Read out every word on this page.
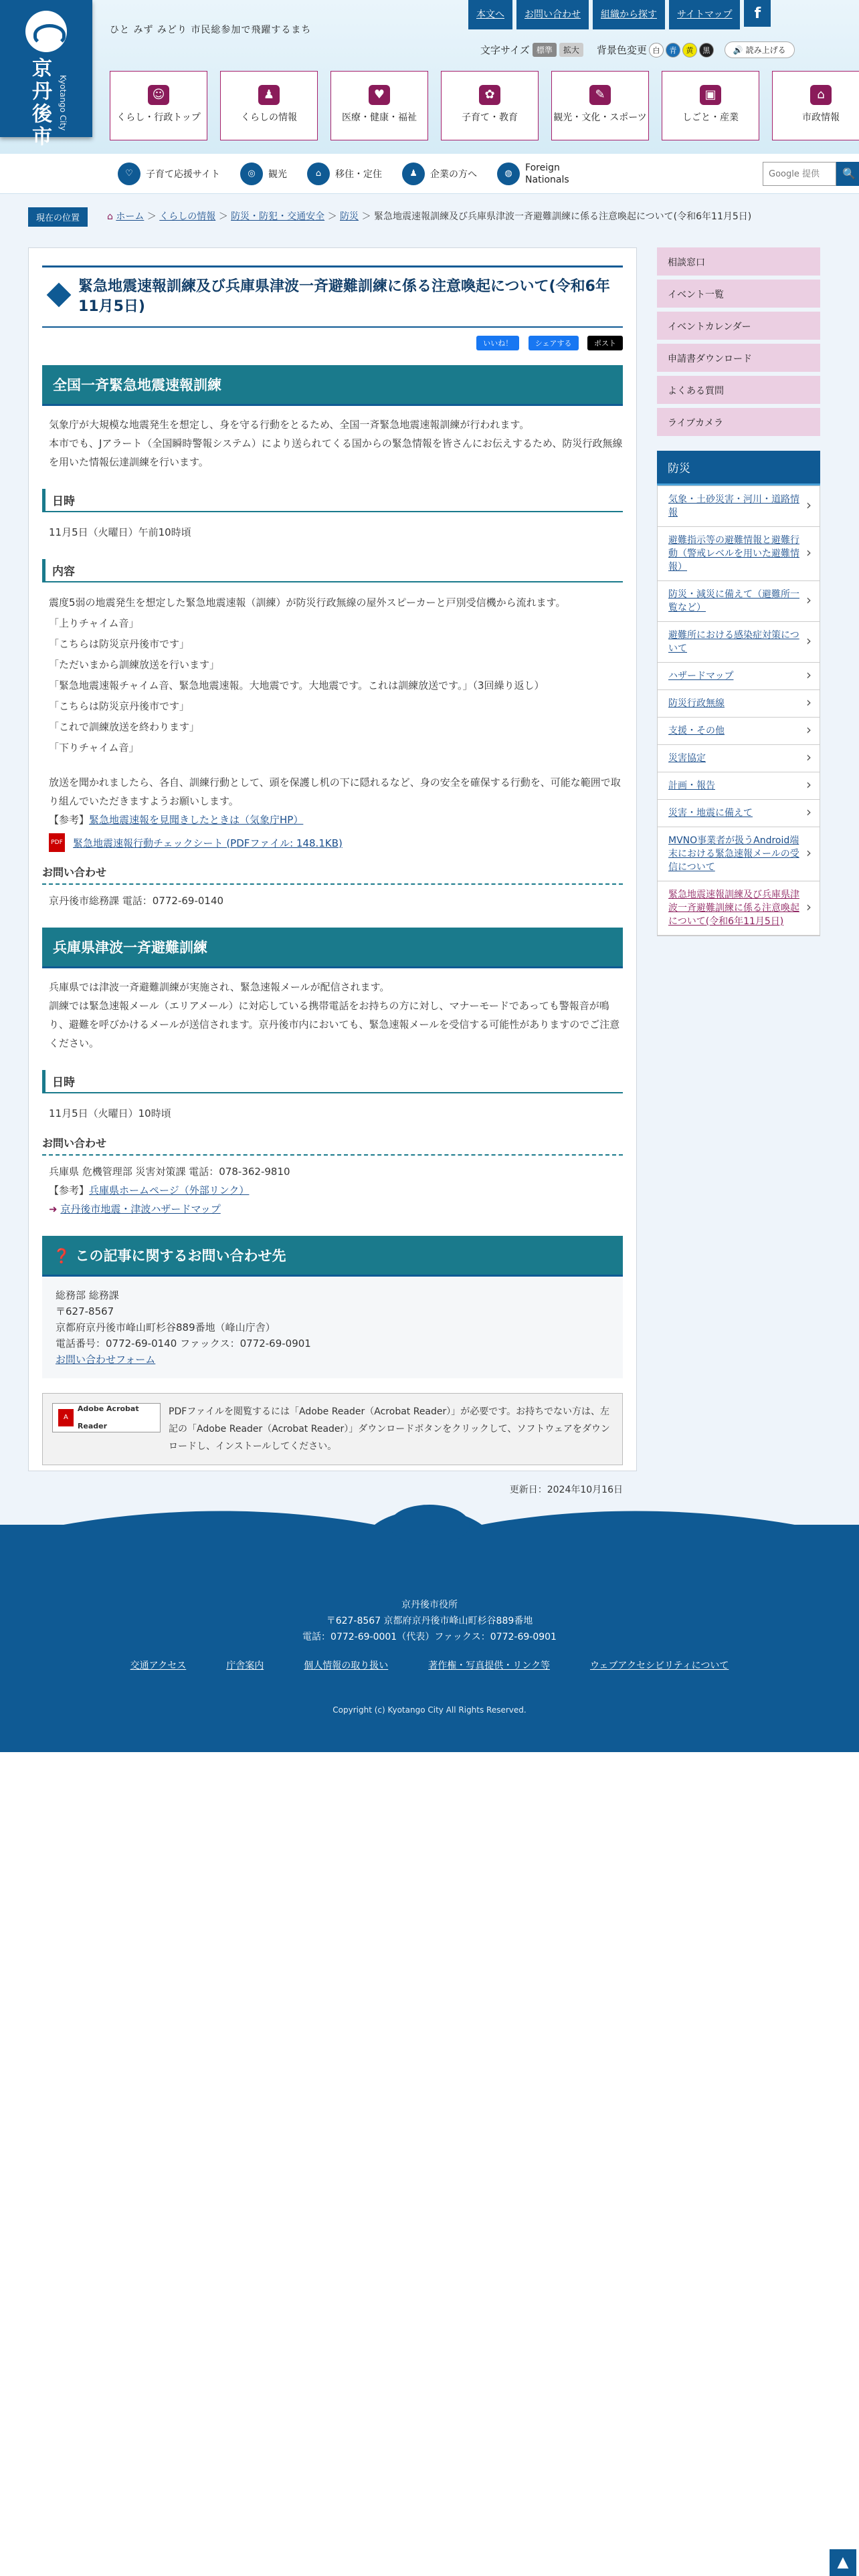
京丹後市 Kyotango City
ひと みず みどり 市民総参加で飛躍するまち
本文へ	お問い合わせ	組織から探す	サイトマップ	f
文字サイズ 標準	拡大	背景色変更 白	青	黄	黒	🔊 読み上げる
☺
くらし・行政トップ
♟
くらしの情報
♥
医療・健康・福祉
✿
子育て・教育
✎
観光・文化・スポーツ
▣
しごと・産業
⌂
市政情報
♡	子育て応援サイト	◎	観光	⌂	移住・定住	♟	企業の方へ	◍
Foreign Nationals
Google 提供	🔍
現在の位置	⌂ ホーム ＞ くらしの情報 ＞ 防災・防犯・交通安全 ＞ 防災 ＞ 緊急地震速報訓練及び兵庫県津波一斉避難訓練に係る注意喚起について(令和6年11月5日)
緊急地震速報訓練及び兵庫県津波一斉避難訓練に係る注意喚起について(令和6年11月5日)
いいね！	シェアする	ポスト
全国一斉緊急地震速報訓練

気象庁が大規模な地震発生を想定し、身を守る行動をとるため、全国一斉緊急地震速報訓練が行われます。

本市でも、Jアラート（全国瞬時警報システム）により送られてくる国からの緊急情報を皆さんにお伝えするため、防災行政無線を用いた情報伝達訓練を行います。

日時

11月5日（火曜日）午前10時頃

内容

震度5弱の地震発生を想定した緊急地震速報（訓練）が防災行政無線の屋外スピーカーと戸別受信機から流れます。

「上りチャイム音」

「こちらは防災京丹後市です」

「ただいまから訓練放送を行います」

「緊急地震速報チャイム音、緊急地震速報。大地震です。大地震です。これは訓練放送です。」（3回繰り返し）

「こちらは防災京丹後市です」

「これで訓練放送を終わります」

「下りチャイム音」

放送を聞かれましたら、各自、訓練行動として、頭を保護し机の下に隠れるなど、身の安全を確保する行動を、可能な範囲で取り組んでいただきますようお願いします。

【参考】緊急地震速報を見聞きしたときは（気象庁HP）

PDF 緊急地震速報行動チェックシート (PDFファイル: 148.1KB)
お問い合わせ

京丹後市総務課 電話：0772-69-0140

兵庫県津波一斉避難訓練

兵庫県では津波一斉避難訓練が実施され、緊急速報メールが配信されます。

訓練では緊急速報メール（エリアメール）に対応している携帯電話をお持ちの方に対し、マナーモードであっても警報音が鳴り、避難を呼びかけるメールが送信されます。京丹後市内においても、緊急速報メールを受信する可能性がありますのでご注意ください。

日時

11月5日（火曜日）10時頃

お問い合わせ

兵庫県 危機管理部 災害対策課 電話：078-362-9810

【参考】兵庫県ホームページ（外部リンク）

➜ 京丹後市地震・津波ハザードマップ

❓ この記事に関するお問い合わせ先
総務部 総務課
〒627-8567
京都府京丹後市峰山町杉谷889番地（峰山庁舎）
電話番号：0772-69-0140 ファックス：0772-69-0901
お問い合わせフォーム
A
Adobe Acrobat Reader
PDFファイルを閲覧するには「Adobe Reader（Acrobat Reader）」が必要です。お持ちでない方は、左記の「Adobe Reader（Acrobat Reader）」ダウンロードボタンをクリックして、ソフトウェアをダウンロードし、インストールしてください。
更新日：2024年10月16日
相談窓口
イベント一覧
イベントカレンダー
申請書ダウンロード
よくある質問
ライブカメラ
防災
気象・土砂災害・河川・道路情報 ›
避難指示等の避難情報と避難行動（警戒レベルを用いた避難情報） ›
防災・減災に備えて（避難所一覧など） ›
避難所における感染症対策について ›
ハザードマップ ›
防災行政無線 ›
支援・その他 ›
災害協定 ›
計画・報告 ›
災害・地震に備えて ›
MVNO事業者が扱うAndroid端末における緊急速報メールの受信について ›
緊急地震速報訓練及び兵庫県津波一斉避難訓練に係る注意喚起について(令和6年11月5日) ›
京丹後市役所
〒627-8567 京都府京丹後市峰山町杉谷889番地
電話：0772-69-0001（代表）ファックス：0772-69-0901
交通アクセス	庁舎案内	個人情報の取り扱い	著作権・写真提供・リンク等	ウェブアクセシビリティについて
Copyright (c) Kyotango City All Rights Reserved.
▲
